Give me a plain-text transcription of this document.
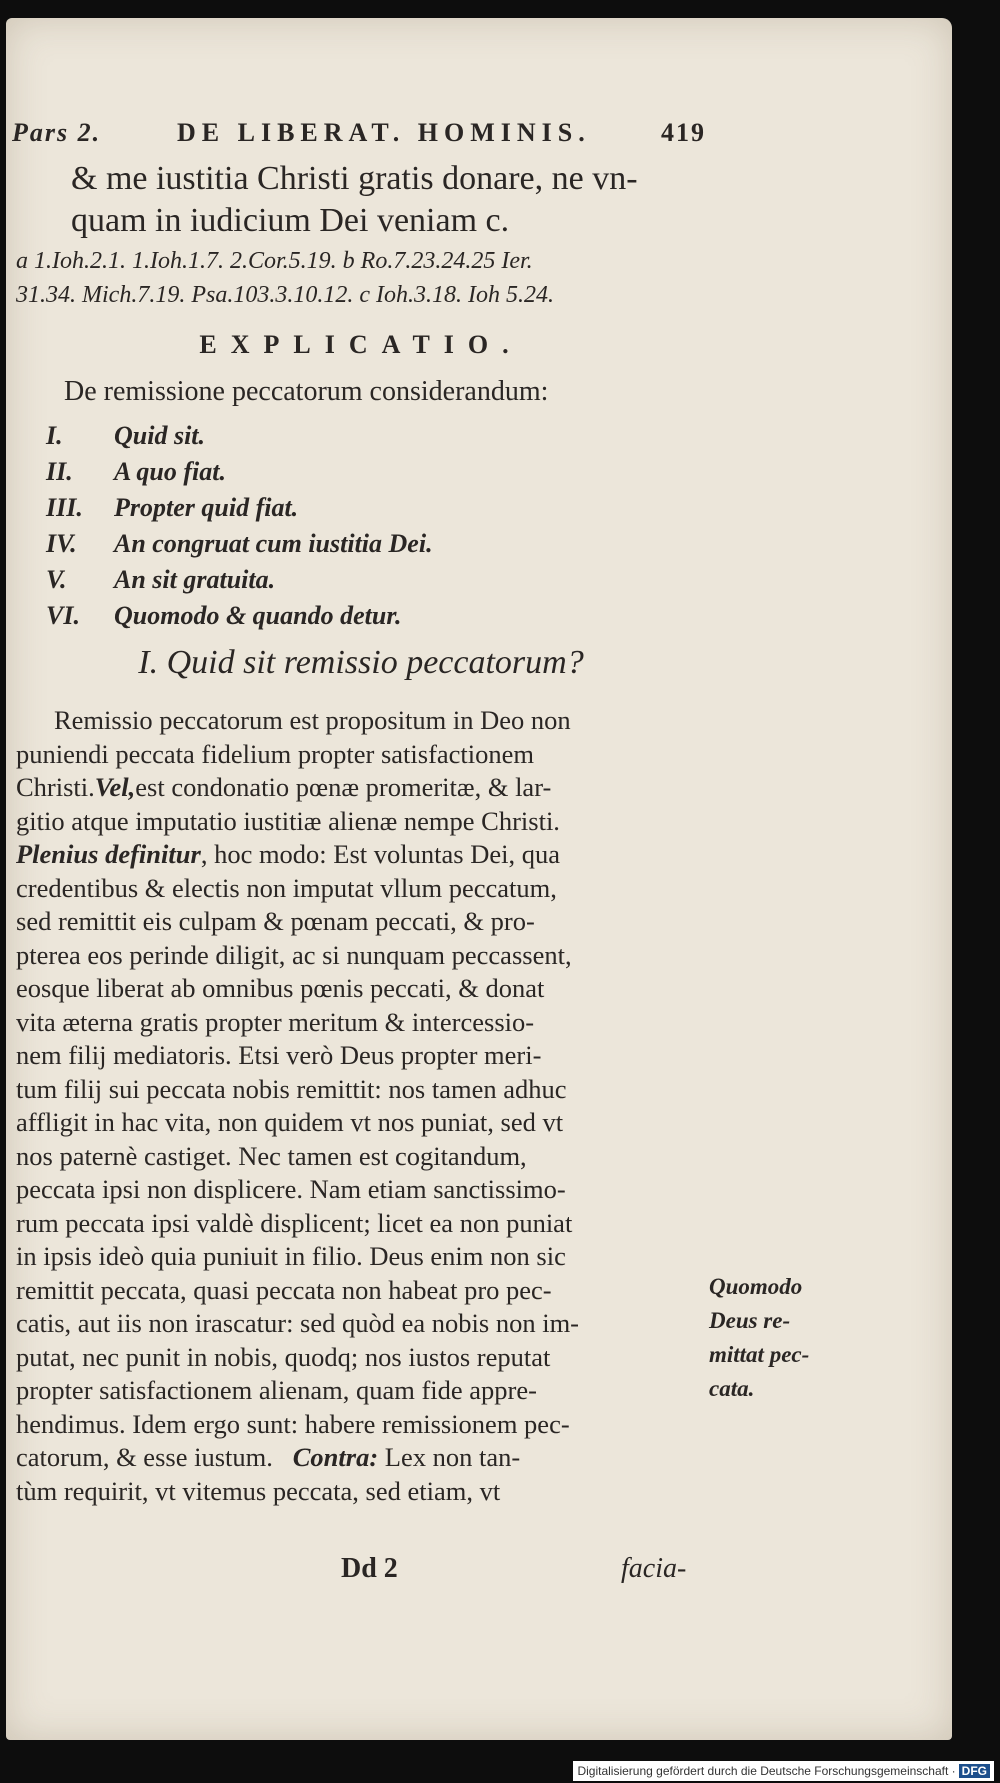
Pars 2.	DE LIBERAT. HOMINIS.	419
& me iustitia Christi gratis donare, ne vn-
quam in iudicium Dei veniam c.
a 1.Ioh.2.1. 1.Ioh.1.7. 2.Cor.5.19. b Ro.7.23.24.25 Ier.
31.34. Mich.7.19. Psa.103.3.10.12. c Ioh.3.18. Ioh 5.24.
EXPLICATIO.
De remissione peccatorum considerandum:
I.	Quid sit.
II.	A quo fiat.
III.	Propter quid fiat.
IV.	An congruat cum iustitia Dei.
V.	An sit gratuita.
VI.	Quomodo & quando detur.
I. Quid sit remissio peccatorum?
Remissio peccatorum est propositum in Deo non
puniendi peccata fidelium propter satisfactionem
Christi.Vel,est condonatio pœnæ promeritæ, & lar-
gitio atque imputatio iustitiæ alienæ nempe Christi.
Plenius definitur, hoc modo: Est voluntas Dei, qua
credentibus & electis non imputat vllum peccatum,
sed remittit eis culpam & pœnam peccati, & pro-
pterea eos perinde diligit, ac si nunquam peccassent,
eosque liberat ab omnibus pœnis peccati, & donat
vita æterna gratis propter meritum & intercessio-
nem filij mediatoris. Etsi verò Deus propter meri-
tum filij sui peccata nobis remittit: nos tamen adhuc
affligit in hac vita, non quidem vt nos puniat, sed vt
nos paternè castiget. Nec tamen est cogitandum,
peccata ipsi non displicere. Nam etiam sanctissimo-
rum peccata ipsi valdè displicent; licet ea non puniat
in ipsis ideò quia puniuit in filio. Deus enim non sic
remittit peccata, quasi peccata non habeat pro pec-
catis, aut iis non irascatur: sed quòd ea nobis non im-
putat, nec punit in nobis, quodq; nos iustos reputat
propter satisfactionem alienam, quam fide appre-
hendimus. Idem ergo sunt: habere remissionem pec-
catorum, & esse iustum. Contra: Lex non tan-
tùm requirit, vt vitemus peccata, sed etiam, vt
Quomodo
Deus re-
mittat pec-
cata.
Dd 2	facia-
Digitalisierung gefördert durch die Deutsche Forschungsgemeinschaft · DFG
